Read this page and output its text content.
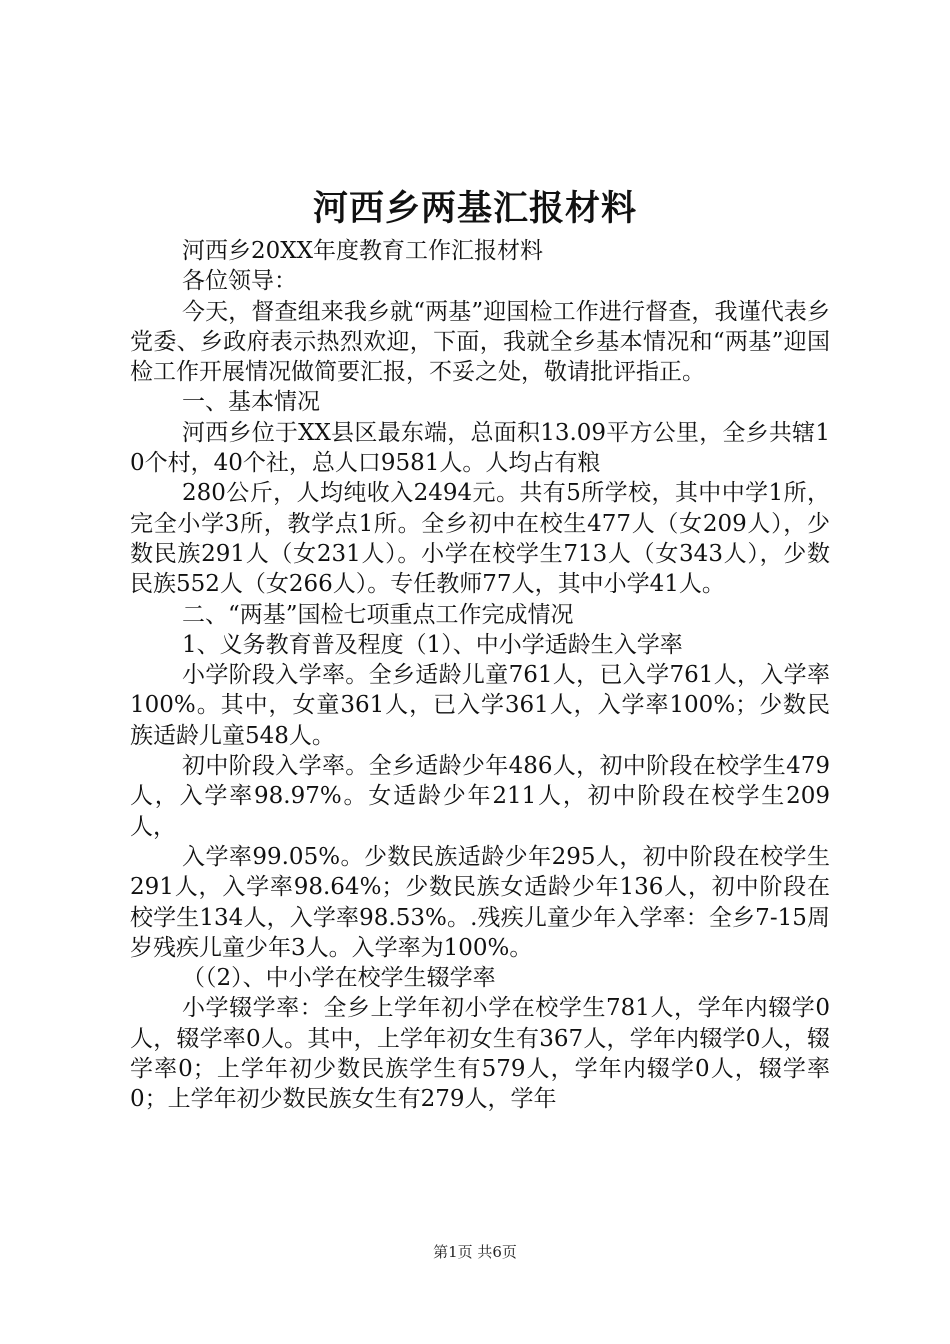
河西乡两基汇报材料

河西乡20XX年度教育工作汇报材料

各位领导：

今天，督查组来我乡就“两基”迎国检工作进行督查，我谨代表乡党委、乡政府表示热烈欢迎，下面，我就全乡基本情况和“两基”迎国检工作开展情况做简要汇报，不妥之处，敬请批评指正。

一、基本情况

河西乡位于XX县区最东端，总面积13.09平方公里，全乡共辖10个村，40个社，总人口9581人。人均占有粮

280公斤，人均纯收入2494元。共有5所学校，其中中学1所，完全小学3所，教学点1所。全乡初中在校生477人（女209人），少数民族291人（女231人）。小学在校学生713人（女343人），少数民族552人（女266人）。专任教师77人，其中小学41人。

二、“两基”国检七项重点工作完成情况

1、义务教育普及程度（1）、中小学适龄生入学率

小学阶段入学率。全乡适龄儿童761人，已入学761人，入学率100%。其中，女童361人，已入学361人，入学率100%；少数民族适龄儿童548人。

初中阶段入学率。全乡适龄少年486人，初中阶段在校学生479人，入学率98.97%。女适龄少年211人，初中阶段在校学生209人，

入学率99.05%。少数民族适龄少年295人，初中阶段在校学生291人，入学率98.64%；少数民族女适龄少年136人，初中阶段在校学生134人，入学率98.53%。.残疾儿童少年入学率：全乡7-15周岁残疾儿童少年3人。入学率为100%。

（（2）、中小学在校学生辍学率

小学辍学率：全乡上学年初小学在校学生781人，学年内辍学0人，辍学率0人。其中，上学年初女生有367人，学年内辍学0人，辍学率0；上学年初少数民族学生有579人，学年内辍学0人，辍学率0；上学年初少数民族女生有279人，学年

第1页 共6页
